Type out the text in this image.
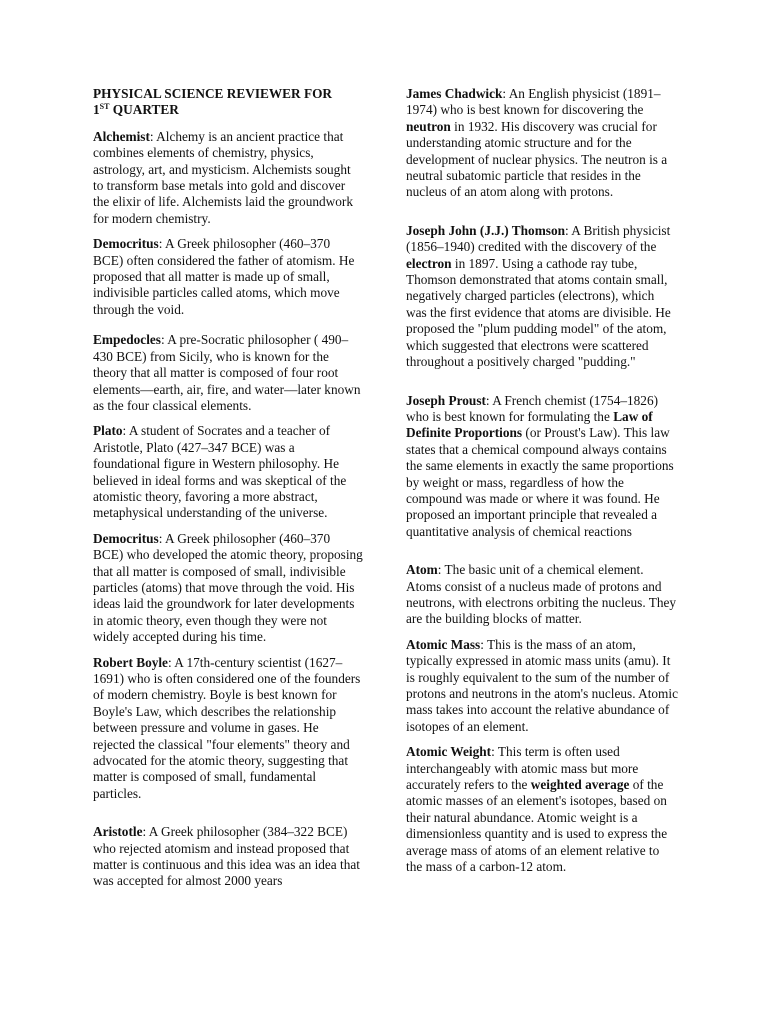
PHYSICAL SCIENCE REVIEWER FOR
1ST QUARTER

Alchemist: Alchemy is an ancient practice that combines elements of chemistry, physics, astrology, art, and mysticism. Alchemists sought to transform base metals into gold and discover the elixir of life. Alchemists laid the groundwork for modern chemistry.

Democritus: A Greek philosopher (460–370 BCE) often considered the father of atomism. He proposed that all matter is made up of small, indivisible particles called atoms, which move through the void.

Empedocles: A pre-Socratic philosopher ( 490–430 BCE) from Sicily, who is known for the theory that all matter is composed of four root elements—earth, air, fire, and water—later known as the four classical elements.

Plato: A student of Socrates and a teacher of Aristotle, Plato (427–347 BCE) was a foundational figure in Western philosophy. He believed in ideal forms and was skeptical of the atomistic theory, favoring a more abstract, metaphysical understanding of the universe.

Democritus: A Greek philosopher (460–370 BCE) who developed the atomic theory, proposing that all matter is composed of small, indivisible particles (atoms) that move through the void. His ideas laid the groundwork for later developments in atomic theory, even though they were not widely accepted during his time.

Robert Boyle: A 17th-century scientist (1627–1691) who is often considered one of the founders of modern chemistry. Boyle is best known for Boyle's Law, which describes the relationship between pressure and volume in gases. He rejected the classical "four elements" theory and advocated for the atomic theory, suggesting that matter is composed of small, fundamental particles.

Aristotle: A Greek philosopher (384–322 BCE) who rejected atomism and instead proposed that matter is continuous and this idea was an idea that was accepted for almost 2000 years

James Chadwick: An English physicist (1891–1974) who is best known for discovering the neutron in 1932. His discovery was crucial for understanding atomic structure and for the development of nuclear physics. The neutron is a neutral subatomic particle that resides in the nucleus of an atom along with protons.

Joseph John (J.J.) Thomson: A British physicist (1856–1940) credited with the discovery of the electron in 1897. Using a cathode ray tube, Thomson demonstrated that atoms contain small, negatively charged particles (electrons), which was the first evidence that atoms are divisible. He proposed the "plum pudding model" of the atom, which suggested that electrons were scattered throughout a positively charged "pudding."

Joseph Proust: A French chemist (1754–1826) who is best known for formulating the Law of Definite Proportions (or Proust's Law). This law states that a chemical compound always contains the same elements in exactly the same proportions by weight or mass, regardless of how the compound was made or where it was found. He proposed an important principle that revealed a quantitative analysis of chemical reactions

Atom: The basic unit of a chemical element. Atoms consist of a nucleus made of protons and neutrons, with electrons orbiting the nucleus. They are the building blocks of matter.

Atomic Mass: This is the mass of an atom, typically expressed in atomic mass units (amu). It is roughly equivalent to the sum of the number of protons and neutrons in the atom's nucleus. Atomic mass takes into account the relative abundance of isotopes of an element.

Atomic Weight: This term is often used interchangeably with atomic mass but more accurately refers to the weighted average of the atomic masses of an element's isotopes, based on their natural abundance. Atomic weight is a dimensionless quantity and is used to express the average mass of atoms of an element relative to the mass of a carbon-12 atom.
